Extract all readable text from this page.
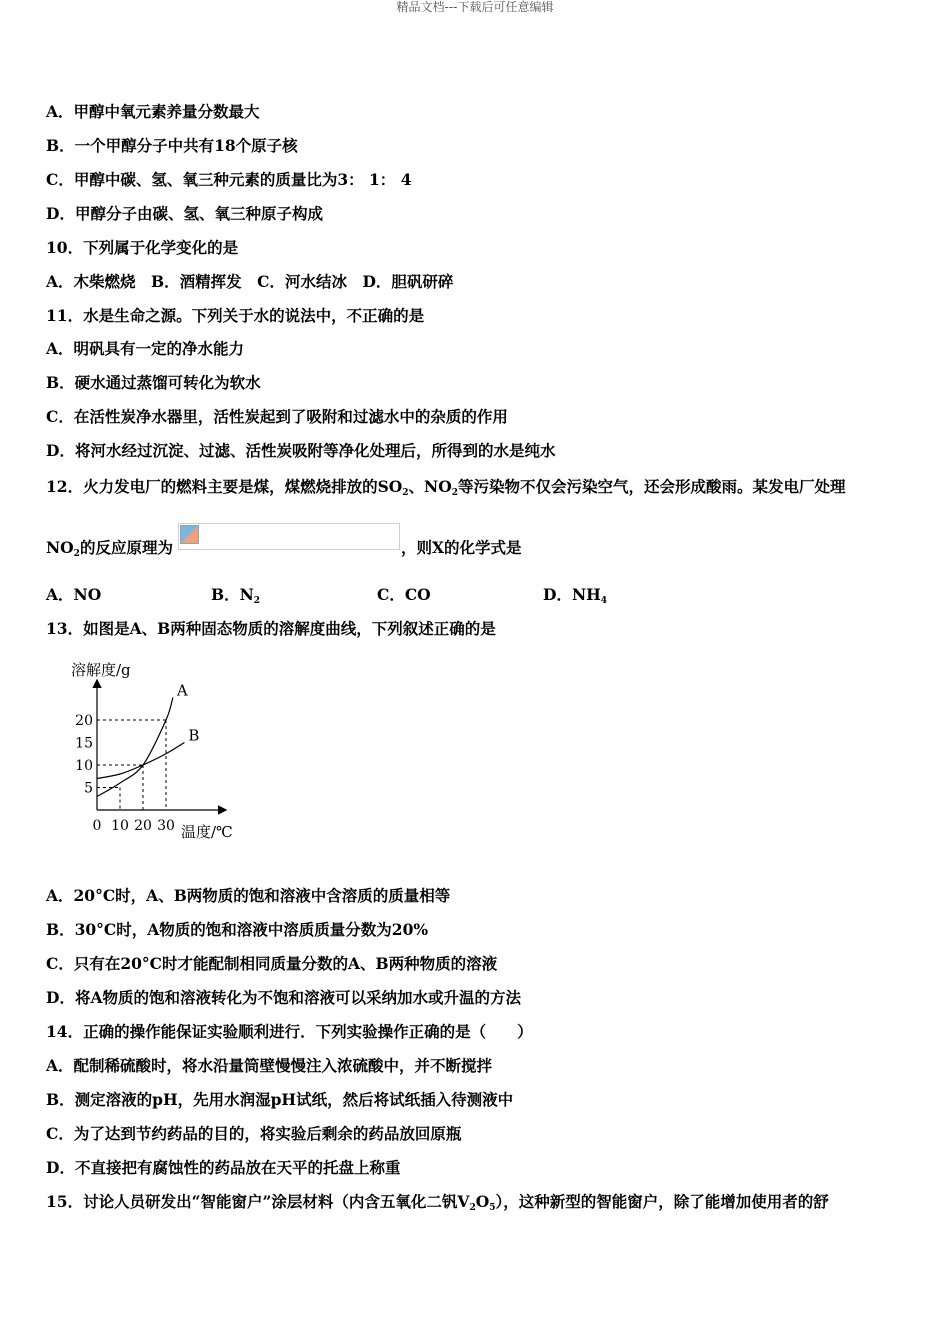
精品文档---下载后可任意编辑
A．甲醇中氧元素养量分数最大
B．一个甲醇分子中共有18个原子核
C．甲醇中碳、氢、氧三种元素的质量比为3： 1： 4
D．甲醇分子由碳、氢、氧三种原子构成
10．下列属于化学变化的是
A．木柴燃烧　B．酒精挥发　C．河水结冰　D．胆矾研碎
11．水是生命之源。下列关于水的说法中，不正确的是
A．明矾具有一定的净水能力
B．硬水通过蒸馏可转化为软水
C．在活性炭净水器里，活性炭起到了吸附和过滤水中的杂质的作用
D．将河水经过沉淀、过滤、活性炭吸附等净化处理后，所得到的水是纯水
12．火力发电厂的燃料主要是煤，煤燃烧排放的$SO_2$、$NO_2$等污染物不仅会污染空气，还会形成酸雨。某发电厂处理
$NO_2$的反应原理为	，则X的化学式是
A．NO	B．$N_2$	C．CO	D．$NH_4$
13．如图是A、B两种固态物质的溶解度曲线，下列叙述正确的是
溶解度/g
温度/℃
0 10 20 30
5
10
15
20
A
B
A．20°C时，A、B两物质的饱和溶液中含溶质的质量相等
B．30°C时，A物质的饱和溶液中溶质质量分数为20%
C．只有在20°C时才能配制相同质量分数的A、B两种物质的溶液
D．将A物质的饱和溶液转化为不饱和溶液可以采纳加水或升温的方法
14．正确的操作能保证实验顺利进行．下列实验操作正确的是（　　）
A．配制稀硫酸时，将水沿量筒壁慢慢注入浓硫酸中，并不断搅拌
B．测定溶液的pH，先用水润湿pH试纸，然后将试纸插入待测液中
C．为了达到节约药品的目的，将实验后剩余的药品放回原瓶
D．不直接把有腐蚀性的药品放在天平的托盘上称重
15．讨论人员研发出“智能窗户”涂层材料（内含五氧化二钒$V_2O_5$），这种新型的智能窗户，除了能增加使用者的舒
